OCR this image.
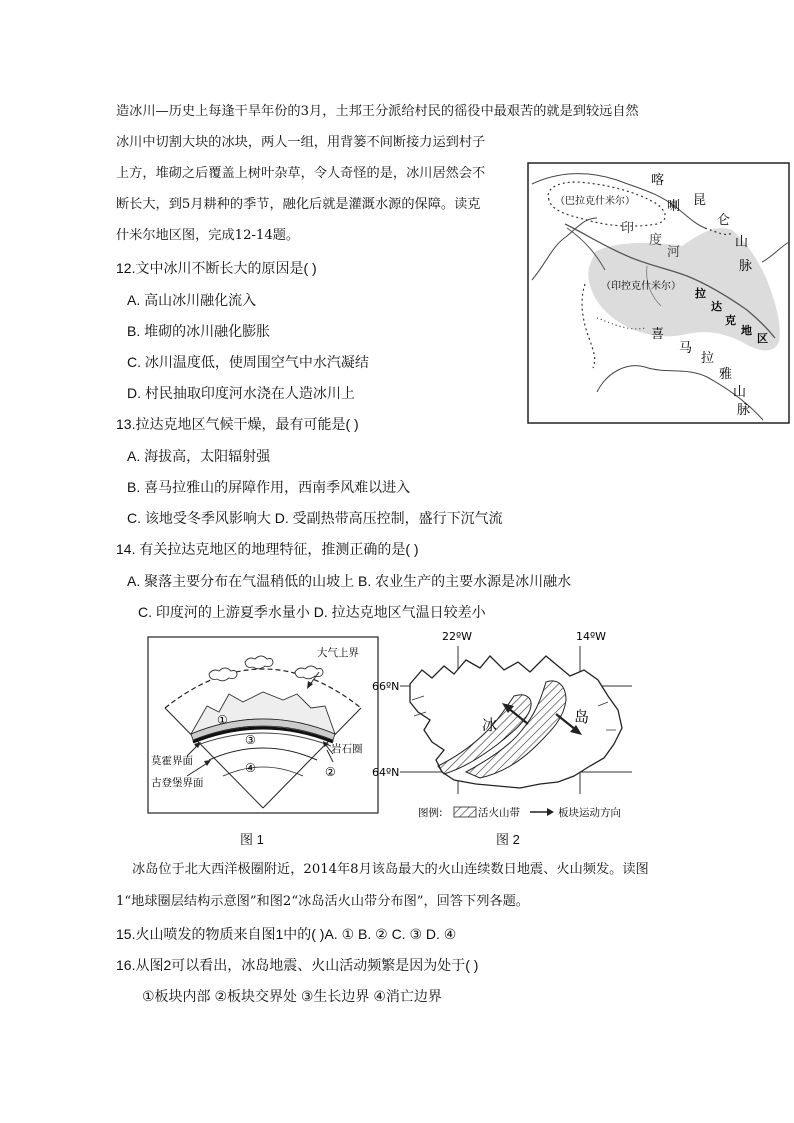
造冰川—历史上每逢干旱年份的3月，土邦王分派给村民的徭役中最艰苦的就是到较远自然
冰川中切割大块的冰块，两人一组，用背篓不间断接力运到村子
上方，堆砌之后覆盖上树叶杂草，令人奇怪的是，冰川居然会不
断长大，到5月耕种的季节，融化后就是灌溉水源的保障。读克
什米尔地区图，完成12-14题。
12.文中冰川不断长大的原因是( )
A. 高山冰川融化流入
B. 堆砌的冰川融化膨胀
C. 冰川温度低，使周围空气中水汽凝结
D. 村民抽取印度河水浇在人造冰川上
13.拉达克地区气候干燥，最有可能是( )
A. 海拔高，太阳辐射强
B. 喜马拉雅山的屏障作用，西南季风难以进入
C. 该地受冬季风影响大 D. 受副热带高压控制，盛行下沉气流
14. 有关拉达克地区的地理特征，推测正确的是( )
A. 聚落主要分布在气温稍低的山坡上 B. 农业生产的主要水源是冰川融水
C. 印度河的上游夏季水量小 D. 拉达克地区气温日较差小
（巴拉克什米尔）
（印控克什米尔）
喀
喇 昆
仑
山
脉
印
度
河
拉
达
克
地
区
喜
马
拉
雅
山
脉
大气上界
①
②
③
④
莫霍界面
岩石圈
古登堡界面
图 1
22ºW	14ºW
66ºN
64ºN
冰	岛
图例:	活火山带	板块运动方向
图 2
冰岛位于北大西洋极圈附近，2014年8月该岛最大的火山连续数日地震、火山频发。读图
1“地球圈层结构示意图”和图2“冰岛活火山带分布图”，回答下列各题。
15.火山喷发的物质来自图1中的( )A. ① B. ② C. ③ D. ④
16.从图2可以看出，冰岛地震、火山活动频繁是因为处于( )
①板块内部 ②板块交界处 ③生长边界 ④消亡边界
